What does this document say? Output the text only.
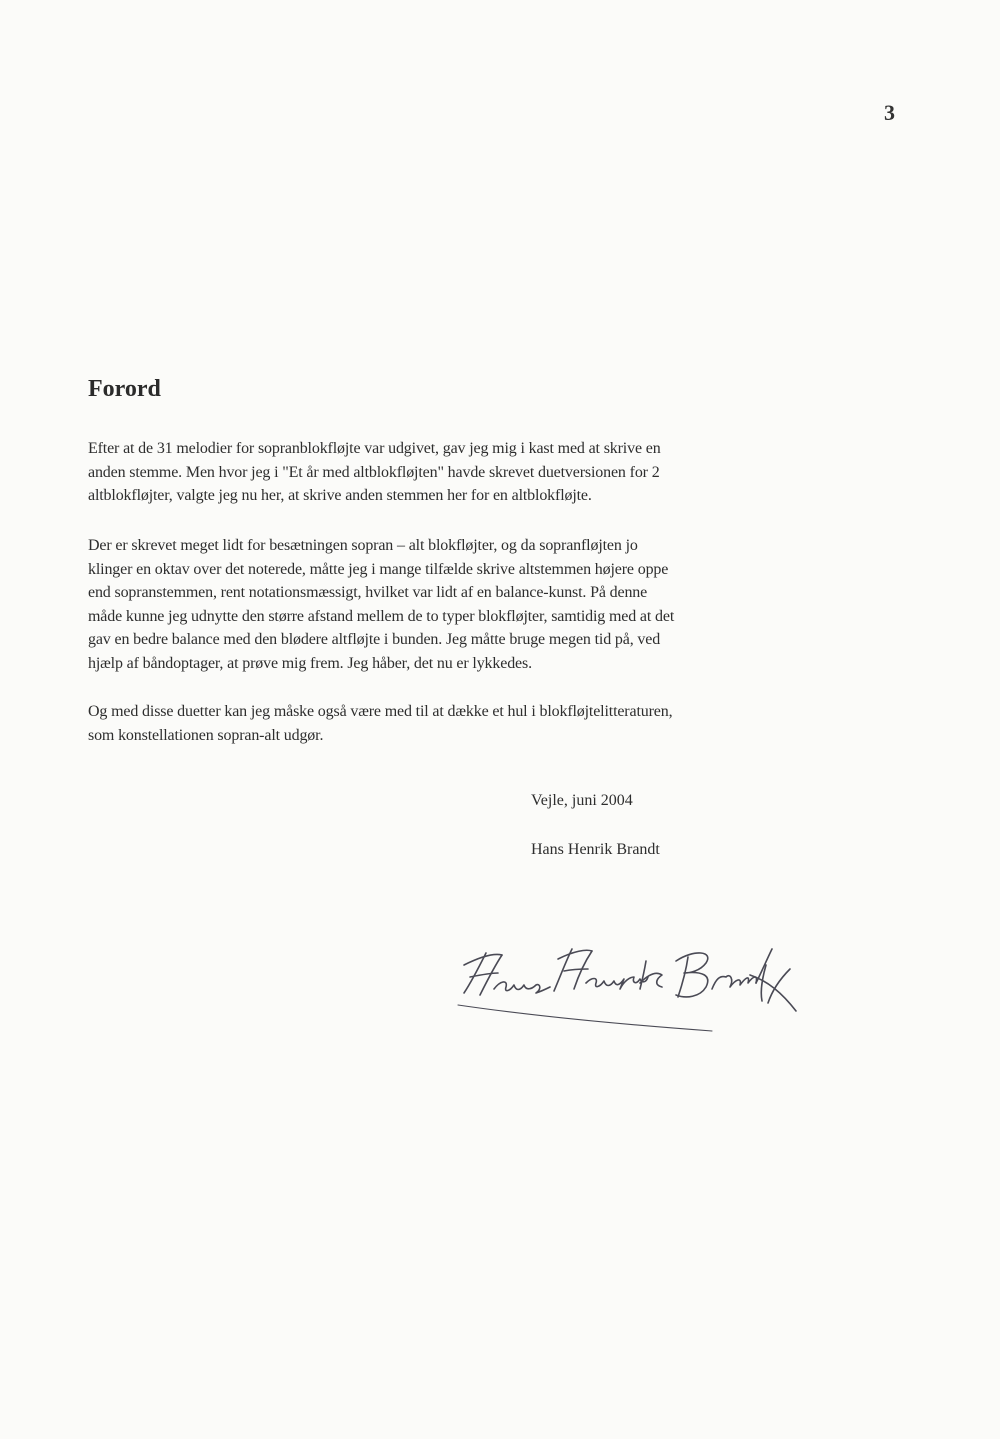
3
Forord

Efter at de 31 melodier for sopranblokfløjte var udgivet, gav jeg mig i kast med at skrive en
anden stemme. Men hvor jeg i "Et år med altblokfløjten" havde skrevet duetversionen for 2
altblokfløjter, valgte jeg nu her, at skrive anden stemmen her for en altblokfløjte.

Der er skrevet meget lidt for besætningen sopran – alt blokfløjter, og da sopranfløjten jo
klinger en oktav over det noterede, måtte jeg i mange tilfælde skrive altstemmen højere oppe
end sopranstemmen, rent notationsmæssigt, hvilket var lidt af en balance-kunst. På denne
måde kunne jeg udnytte den større afstand mellem de to typer blokfløjter, samtidig med at det
gav en bedre balance med den blødere altfløjte i bunden. Jeg måtte bruge megen tid på, ved
hjælp af båndoptager, at prøve mig frem. Jeg håber, det nu er lykkedes.

Og med disse duetter kan jeg måske også være med til at dække et hul i blokfløjtelitteraturen,
som konstellationen sopran-alt udgør.

Vejle, juni 2004
Hans Henrik Brandt
